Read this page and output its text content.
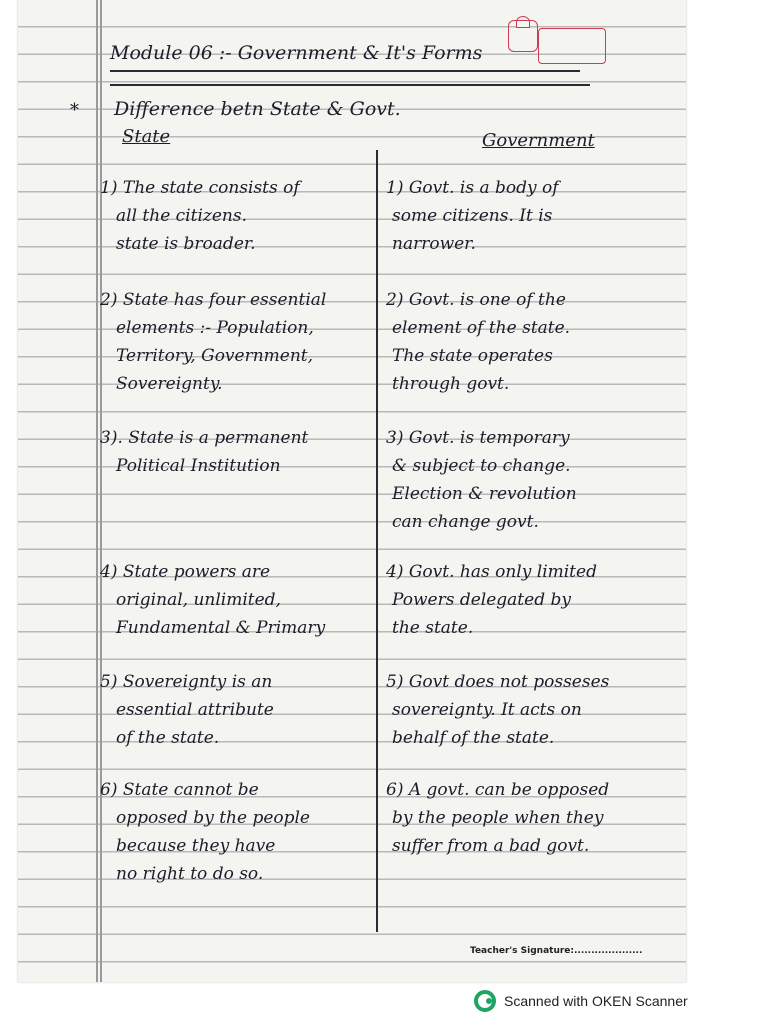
Module 06 :- Government & It's Forms
* Difference betn State & Govt.
State	Government
1) The state consists of
all the citizens.
state is broader.
1) Govt. is a body of
some citizens. It is
narrower.
2) State has four essential
elements :- Population,
Territory, Government,
Sovereignty.
2) Govt. is one of the
element of the state.
The state operates
through govt.
3). State is a permanent
Political Institution
3) Govt. is temporary
& subject to change.
Election & revolution
can change govt.
4) State powers are
original, unlimited,
Fundamental & Primary
4) Govt. has only limited
Powers delegated by
the state.
5) Sovereignty is an
essential attribute
of the state.
5) Govt does not posseses
sovereignty. It acts on
behalf of the state.
6) State cannot be
opposed by the people
because they have
no right to do so.
6) A govt. can be opposed
by the people when they
suffer from a bad govt.
Teacher's Signature:....................
Scanned with OKEN Scanner
